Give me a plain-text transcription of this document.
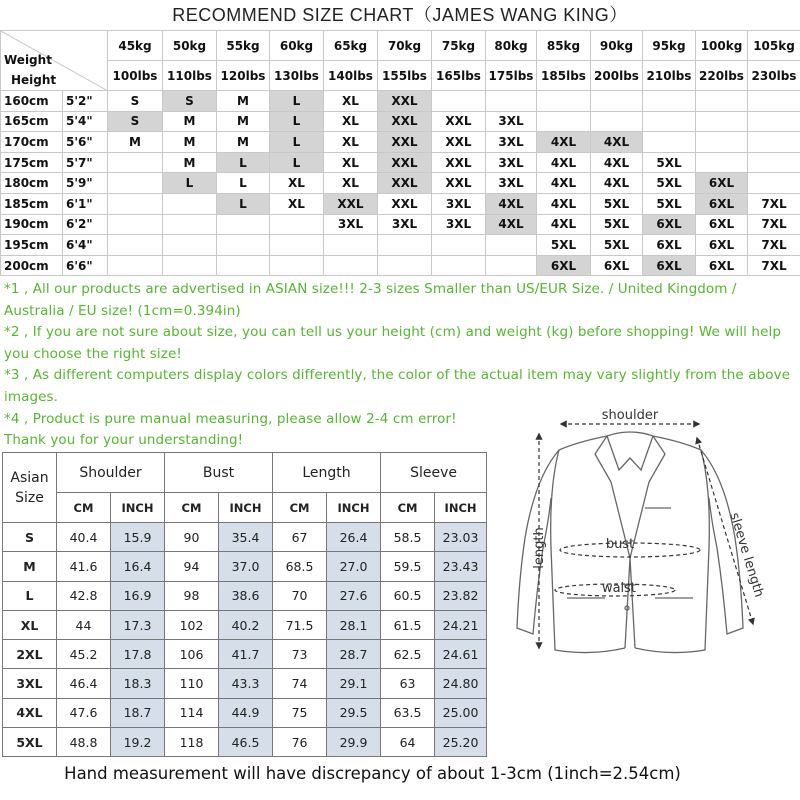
RECOMMEND SIZE CHART（JAMES WANG KING）
Weight
Height		45kg	50kg	55kg	60kg	65kg	70kg	75kg	80kg	85kg	90kg	95kg	100kg	105kg
		100lbs	110lbs	120lbs	130lbs	140lbs	155lbs	165lbs	175lbs	185lbs	200lbs	210lbs	220lbs	230lbs
160cm	5'2"	S	S	M	L	XL	XXL							
165cm	5'4"	S	M	M	L	XL	XXL	XXL	3XL					
170cm	5'6"	M	M	M	L	XL	XXL	XXL	3XL	4XL	4XL			
175cm	5'7"		M	L	L	XL	XXL	XXL	3XL	4XL	4XL	5XL		
180cm	5'9"		L	L	XL	XL	XXL	XXL	3XL	4XL	4XL	5XL	6XL	
185cm	6'1"			L	XL	XXL	XXL	3XL	4XL	4XL	5XL	5XL	6XL	7XL
190cm	6'2"					3XL	3XL	3XL	4XL	4XL	5XL	6XL	6XL	7XL
195cm	6'4"									5XL	5XL	6XL	6XL	7XL
200cm	6'6"									6XL	6XL	6XL	6XL	7XL

*1 , All our products are advertised in ASIAN size!!! 2-3 sizes Smaller than US/EUR Size. / United Kingdom / Australia / EU size! (1cm=0.394in)

*2 , If you are not sure about size, you can tell us your height (cm) and weight (kg) before shopping! We will help you choose the right size!

*3 , As different computers display colors differently, the color of the actual item may vary slightly from the above images.

*4 , Product is pure manual measuring, please allow 2-4 cm error!

Thank you for your understanding!

Asian Size	Shoulder		Bust		Length		Sleeve	
	CM	INCH	CM	INCH	CM	INCH	CM	INCH
S	40.4	15.9	90	35.4	67	26.4	58.5	23.03
M	41.6	16.4	94	37.0	68.5	27.0	59.5	23.43
L	42.8	16.9	98	38.6	70	27.6	60.5	23.82
XL	44	17.3	102	40.2	71.5	28.1	61.5	24.21
2XL	45.2	17.8	106	41.7	73	28.7	62.5	24.61
3XL	46.4	18.3	110	43.3	74	29.1	63	24.80
4XL	47.6	18.7	114	44.9	75	29.5	63.5	25.00
5XL	48.8	19.2	118	46.5	76	29.9	64	25.20
shoulder
length	bust
waist	sleeve length
Hand measurement will have discrepancy of about 1-3cm (1inch=2.54cm)
